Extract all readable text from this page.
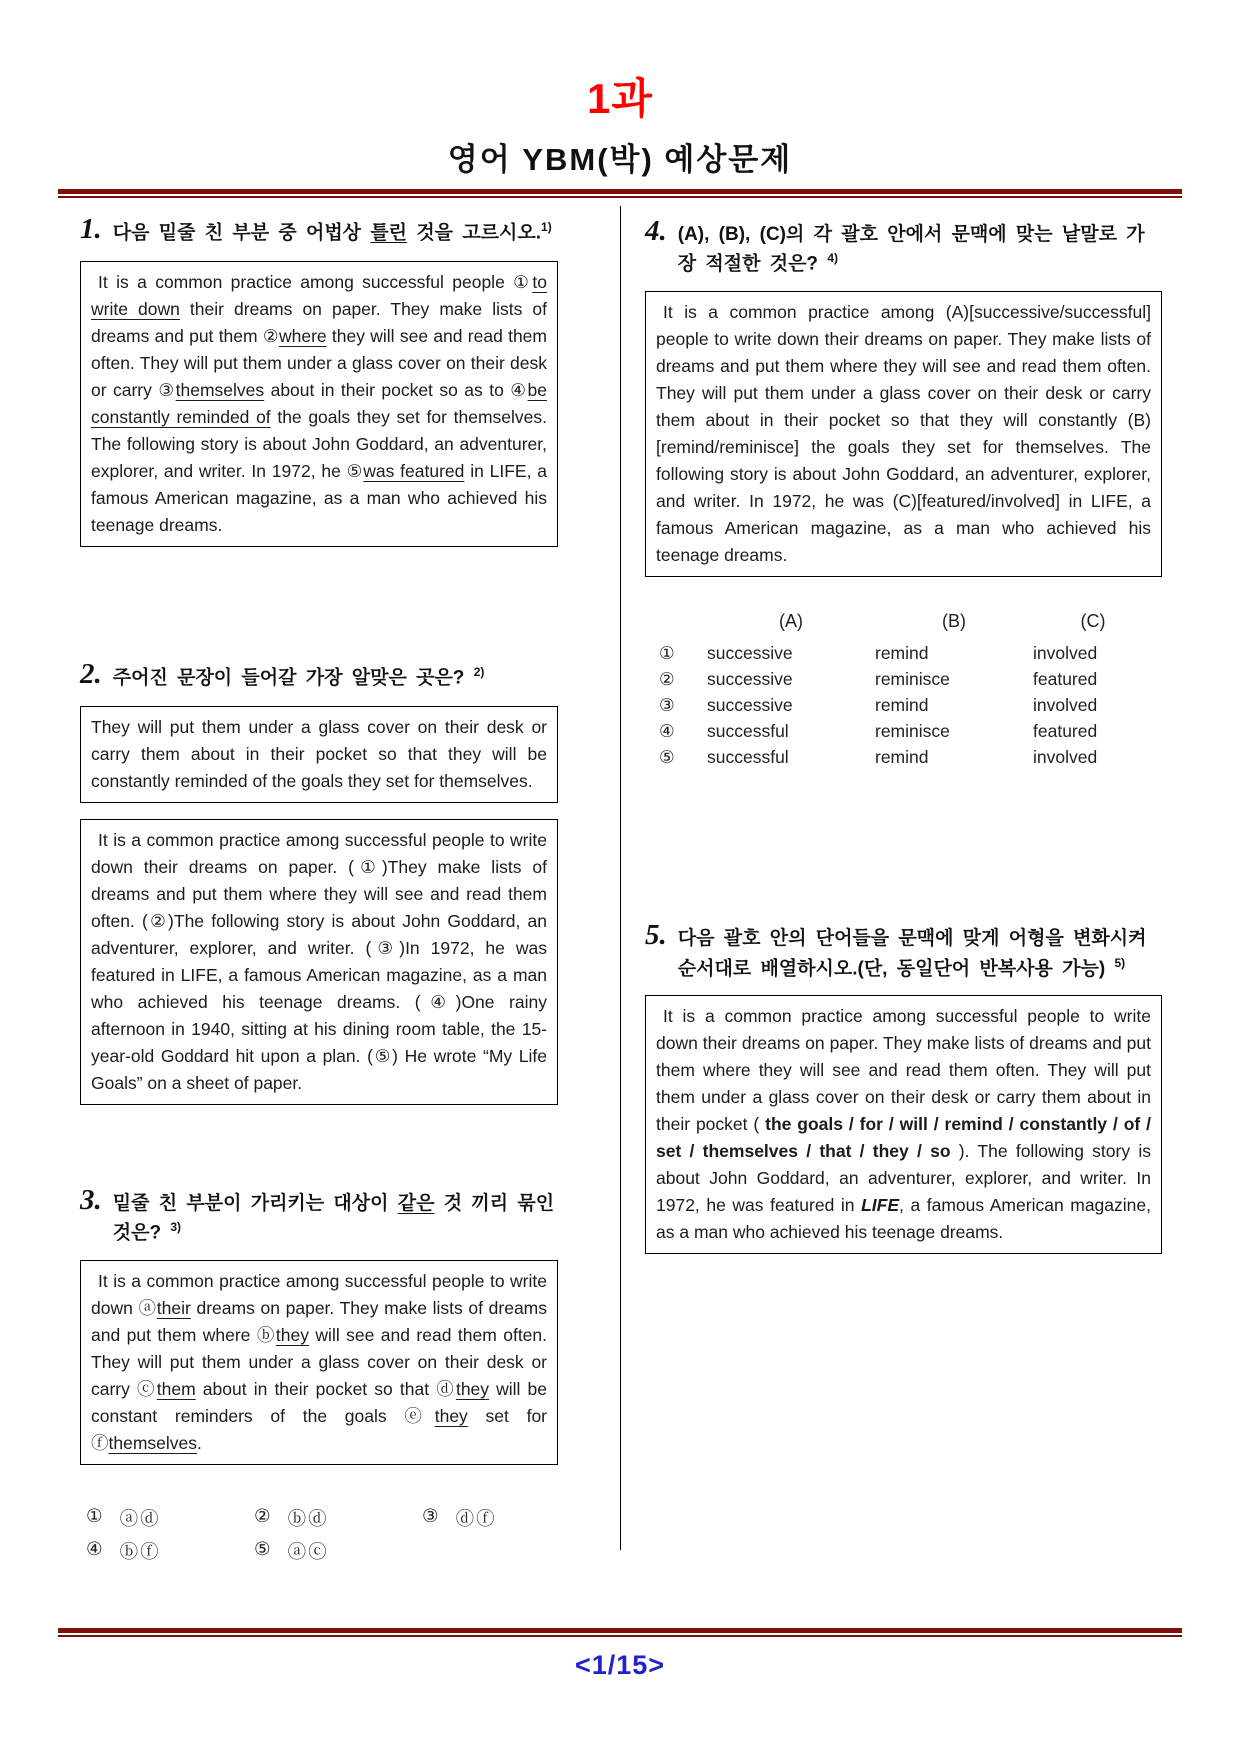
1과
영어 YBM(박) 예상문제
1. 다음 밑줄 친 부분 중 어법상 틀린 것을 고르시오.$^{1)}$

It is a common practice among successful people ①to write down their dreams on paper. They make lists of dreams and put them ②where they will see and read them often. They will put them under a glass cover on their desk or carry ③themselves about in their pocket so as to ④be constantly reminded of the goals they set for themselves. The following story is about John Goddard, an adventurer, explorer, and writer. In 1972, he ⑤was featured in LIFE, a famous American magazine, as a man who achieved his teenage dreams.

2. 주어진 문장이 들어갈 가장 알맞은 곳은? $^{2)}$

They will put them under a glass cover on their desk or carry them about in their pocket so that they will be constantly reminded of the goals they set for themselves.

It is a common practice among successful people to write down their dreams on paper. (①)They make lists of dreams and put them where they will see and read them often. (②)The following story is about John Goddard, an adventurer, explorer, and writer. (③)In 1972, he was featured in LIFE, a famous American magazine, as a man who achieved his teenage dreams. (④)One rainy afternoon in 1940, sitting at his dining room table, the 15-year-old Goddard hit upon a plan. (⑤) He wrote “My Life Goals” on a sheet of paper.

3. 밑줄 친 부분이 가리키는 대상이 같은 것 끼리 묶인 것은? $^{3)}$

It is a common practice among successful people to write down ⓐtheir dreams on paper. They make lists of dreams and put them where ⓑthey will see and read them often. They will put them under a glass cover on their desk or carry ⓒthem about in their pocket so that ⓓthey will be constant reminders of the goals ⓔthey set for ⓕthemselves.

① ⓐⓓ	② ⓑⓓ	③ ⓓⓕ
④ ⓑⓕ	⑤ ⓐⓒ
4. (A), (B), (C)의 각 괄호 안에서 문맥에 맞는 낱말로 가장 적절한 것은? $^{4)}$

It is a common practice among (A)[successive/successful] people to write down their dreams on paper. They make lists of dreams and put them where they will see and read them often. They will put them under a glass cover on their desk or carry them about in their pocket so that they will constantly (B)[remind/reminisce] the goals they set for themselves. The following story is about John Goddard, an adventurer, explorer, and writer. In 1972, he was (C)[featured/involved] in LIFE, a famous American magazine, as a man who achieved his teenage dreams.

	(A)	(B)	(C)
①	successive	remind	involved
②	successive	reminisce	featured
③	successive	remind	involved
④	successful	reminisce	featured
⑤	successful	remind	involved
5. 다음 괄호 안의 단어들을 문맥에 맞게 어형을 변화시켜 순서대로 배열하시오.(단, 동일단어 반복사용 가능) $^{5)}$

It is a common practice among successful people to write down their dreams on paper. They make lists of dreams and put them where they will see and read them often. They will put them under a glass cover on their desk or carry them about in their pocket ( the goals / for / will / remind / constantly / of / set / themselves / that / they / so ). The following story is about John Goddard, an adventurer, explorer, and writer. In 1972, he was featured in LIFE, a famous American magazine, as a man who achieved his teenage dreams.

<1/15>
